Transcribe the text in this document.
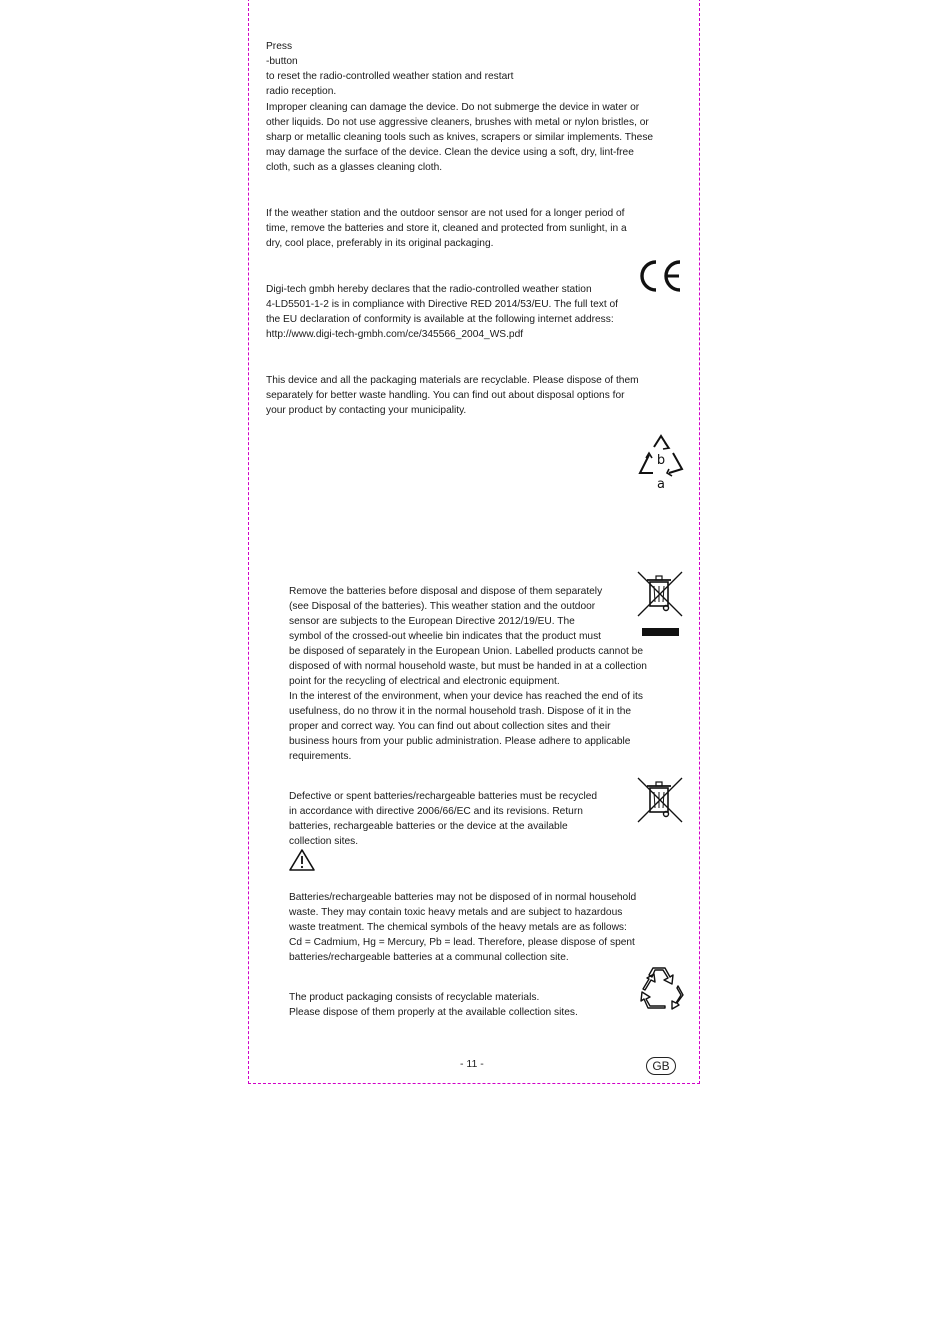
Press
-button
to reset the radio-controlled weather station and restart
radio reception.
Improper cleaning can damage the device. Do not submerge the device in water or
other liquids. Do not use aggressive cleaners, brushes with metal or nylon bristles, or
sharp or metallic cleaning tools such as knives, scrapers or similar implements. These
may damage the surface of the device. Clean the device using a soft, dry, lint-free
cloth, such as a glasses cleaning cloth.
If the weather station and the outdoor sensor are not used for a longer period of
time, remove the batteries and store it, cleaned and protected from sunlight, in a
dry, cool place, preferably in its original packaging.
Digi-tech gmbh hereby declares that the radio-controlled weather station
4-LD5501-1-2 is in compliance with Directive RED 2014/53/EU. The full text of
the EU declaration of conformity is available at the following internet address:
http://www.digi-tech-gmbh.com/ce/345566_2004_WS.pdf
This device and all the packaging materials are recyclable. Please dispose of them
separately for better waste handling. You can find out about disposal options for
your product by contacting your municipality.
b
a
Remove the batteries before disposal and dispose of them separately
(see Disposal of the batteries). This weather station and the outdoor
sensor are subjects to the European Directive 2012/19/EU. The
symbol of the crossed-out wheelie bin indicates that the product must
be disposed of separately in the European Union. Labelled products cannot be
disposed of with normal household waste, but must be handed in at a collection
point for the recycling of electrical and electronic equipment.
In the interest of the environment, when your device has reached the end of its
usefulness, do no throw it in the normal household trash. Dispose of it in the
proper and correct way. You can find out about collection sites and their
business hours from your public administration. Please adhere to applicable
requirements.
Defective or spent batteries/rechargeable batteries must be recycled
in accordance with directive 2006/66/EC and its revisions. Return
batteries, rechargeable batteries or the device at the available
collection sites.
Batteries/rechargeable batteries may not be disposed of in normal household
waste. They may contain toxic heavy metals and are subject to hazardous
waste treatment. The chemical symbols of the heavy metals are as follows:
Cd = Cadmium, Hg = Mercury, Pb = lead. Therefore, please dispose of spent
batteries/rechargeable batteries at a communal collection site.
The product packaging consists of recyclable materials.
Please dispose of them properly at the available collection sites.
- 11 -	GB
